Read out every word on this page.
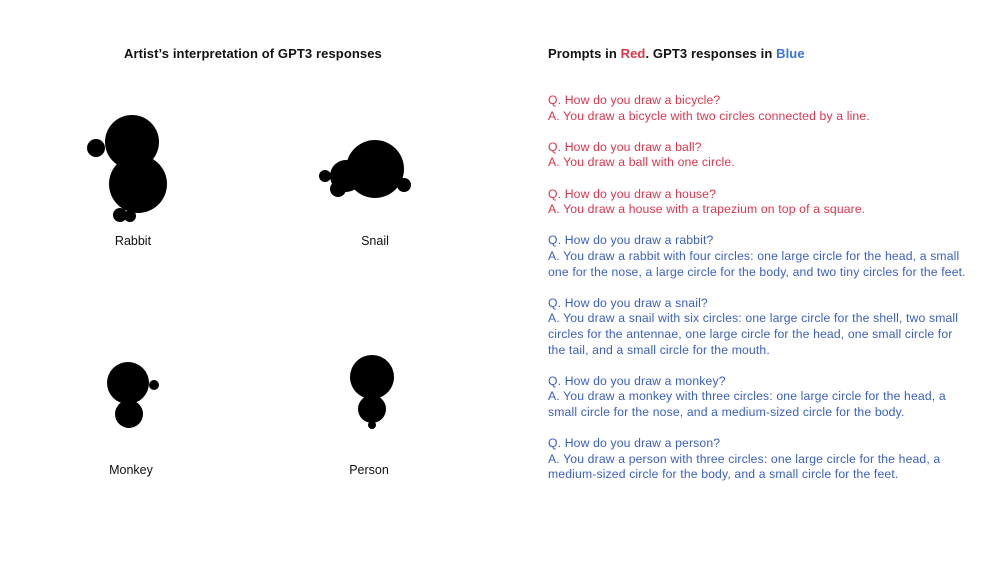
Artist’s interpretation of GPT3 responses	Prompts in Red. GPT3 responses in Blue
Rabbit	Snail
Monkey	Person
Q. How do you draw a bicycle?
A. You draw a bicycle with two circles connected by a line.
Q. How do you draw a ball?
A. You draw a ball with one circle.
Q. How do you draw a house?
A. You draw a house with a trapezium on top of a square.
Q. How do you draw a rabbit?
A. You draw a rabbit with four circles: one large circle for the head, a small one for the nose, a large circle for the body, and two tiny circles for the feet.
Q. How do you draw a snail?
A. You draw a snail with six circles: one large circle for the shell, two small circles for the antennae, one large circle for the head, one small circle for the tail, and a small circle for the mouth.
Q. How do you draw a monkey?
A. You draw a monkey with three circles: one large circle for the head, a small circle for the nose, and a medium-sized circle for the body.
Q. How do you draw a person?
A. You draw a person with three circles: one large circle for the head, a medium-sized circle for the body, and a small circle for the feet.
